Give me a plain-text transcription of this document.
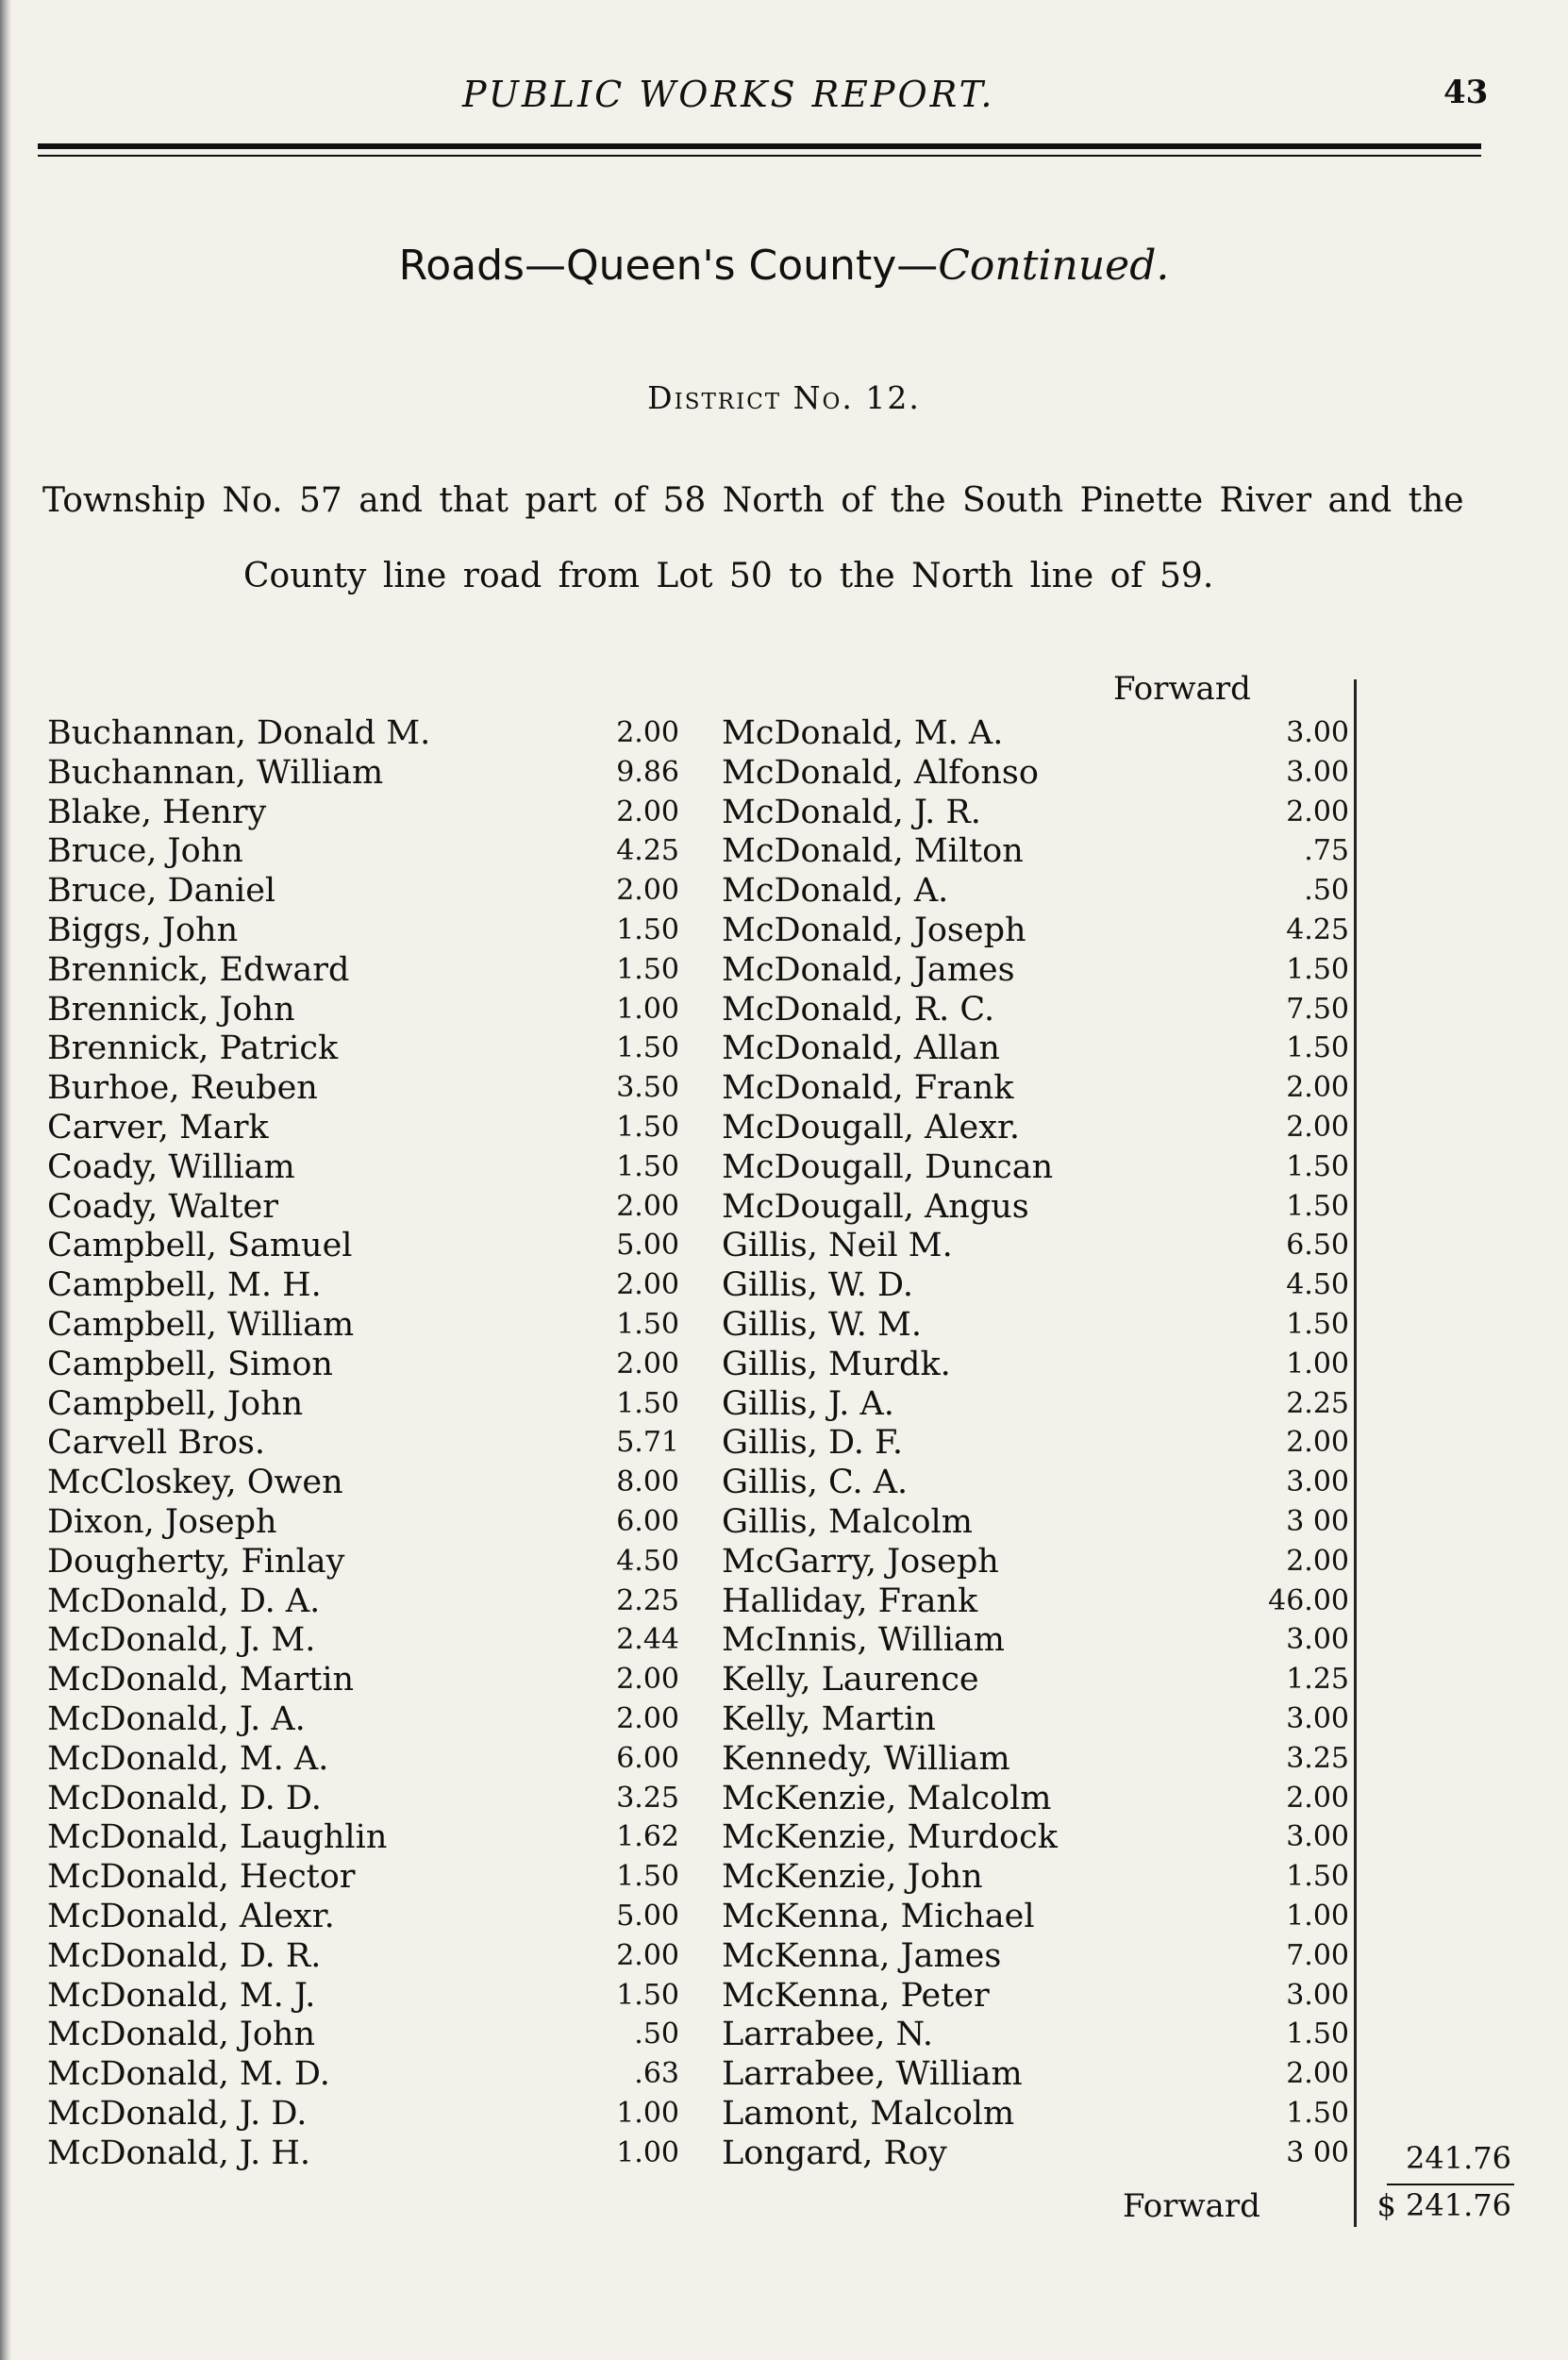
PUBLIC WORKS REPORT.	43
Roads—Queen's County—Continued.
District No. 12.
Township No. 57 and that part of 58 North of the South Pinette River and the
County line road from Lot 50 to the North line of 59.
Forward
Buchannan, Donald M.	2.00
Buchannan, William	9.86
Blake, Henry	2.00
Bruce, John	4.25
Bruce, Daniel	2.00
Biggs, John	1.50
Brennick, Edward	1.50
Brennick, John	1.00
Brennick, Patrick	1.50
Burhoe, Reuben	3.50
Carver, Mark	1.50
Coady, William	1.50
Coady, Walter	2.00
Campbell, Samuel	5.00
Campbell, M. H.	2.00
Campbell, William	1.50
Campbell, Simon	2.00
Campbell, John	1.50
Carvell Bros.	5.71
McCloskey, Owen	8.00
Dixon, Joseph	6.00
Dougherty, Finlay	4.50
McDonald, D. A.	2.25
McDonald, J. M.	2.44
McDonald, Martin	2.00
McDonald, J. A.	2.00
McDonald, M. A.	6.00
McDonald, D. D.	3.25
McDonald, Laughlin	1.62
McDonald, Hector	1.50
McDonald, Alexr.	5.00
McDonald, D. R.	2.00
McDonald, M. J.	1.50
McDonald, John	.50
McDonald, M. D.	.63
McDonald, J. D.	1.00
McDonald, J. H.	1.00
McDonald, M. A.	3.00
McDonald, Alfonso	3.00
McDonald, J. R.	2.00
McDonald, Milton	.75
McDonald, A.	.50
McDonald, Joseph	4.25
McDonald, James	1.50
McDonald, R. C.	7.50
McDonald, Allan	1.50
McDonald, Frank	2.00
McDougall, Alexr.	2.00
McDougall, Duncan	1.50
McDougall, Angus	1.50
Gillis, Neil M.	6.50
Gillis, W. D.	4.50
Gillis, W. M.	1.50
Gillis, Murdk.	1.00
Gillis, J. A.	2.25
Gillis, D. F.	2.00
Gillis, C. A.	3.00
Gillis, Malcolm	3 00
McGarry, Joseph	2.00
Halliday, Frank	46.00
McInnis, William	3.00
Kelly, Laurence	1.25
Kelly, Martin	3.00
Kennedy, William	3.25
McKenzie, Malcolm	2.00
McKenzie, Murdock	3.00
McKenzie, John	1.50
McKenna, Michael	1.00
McKenna, James	7.00
McKenna, Peter	3.00
Larrabee, N.	1.50
Larrabee, William	2.00
Lamont, Malcolm	1.50
Longard, Roy	3 00	241.76
Forward	$ 241.76
